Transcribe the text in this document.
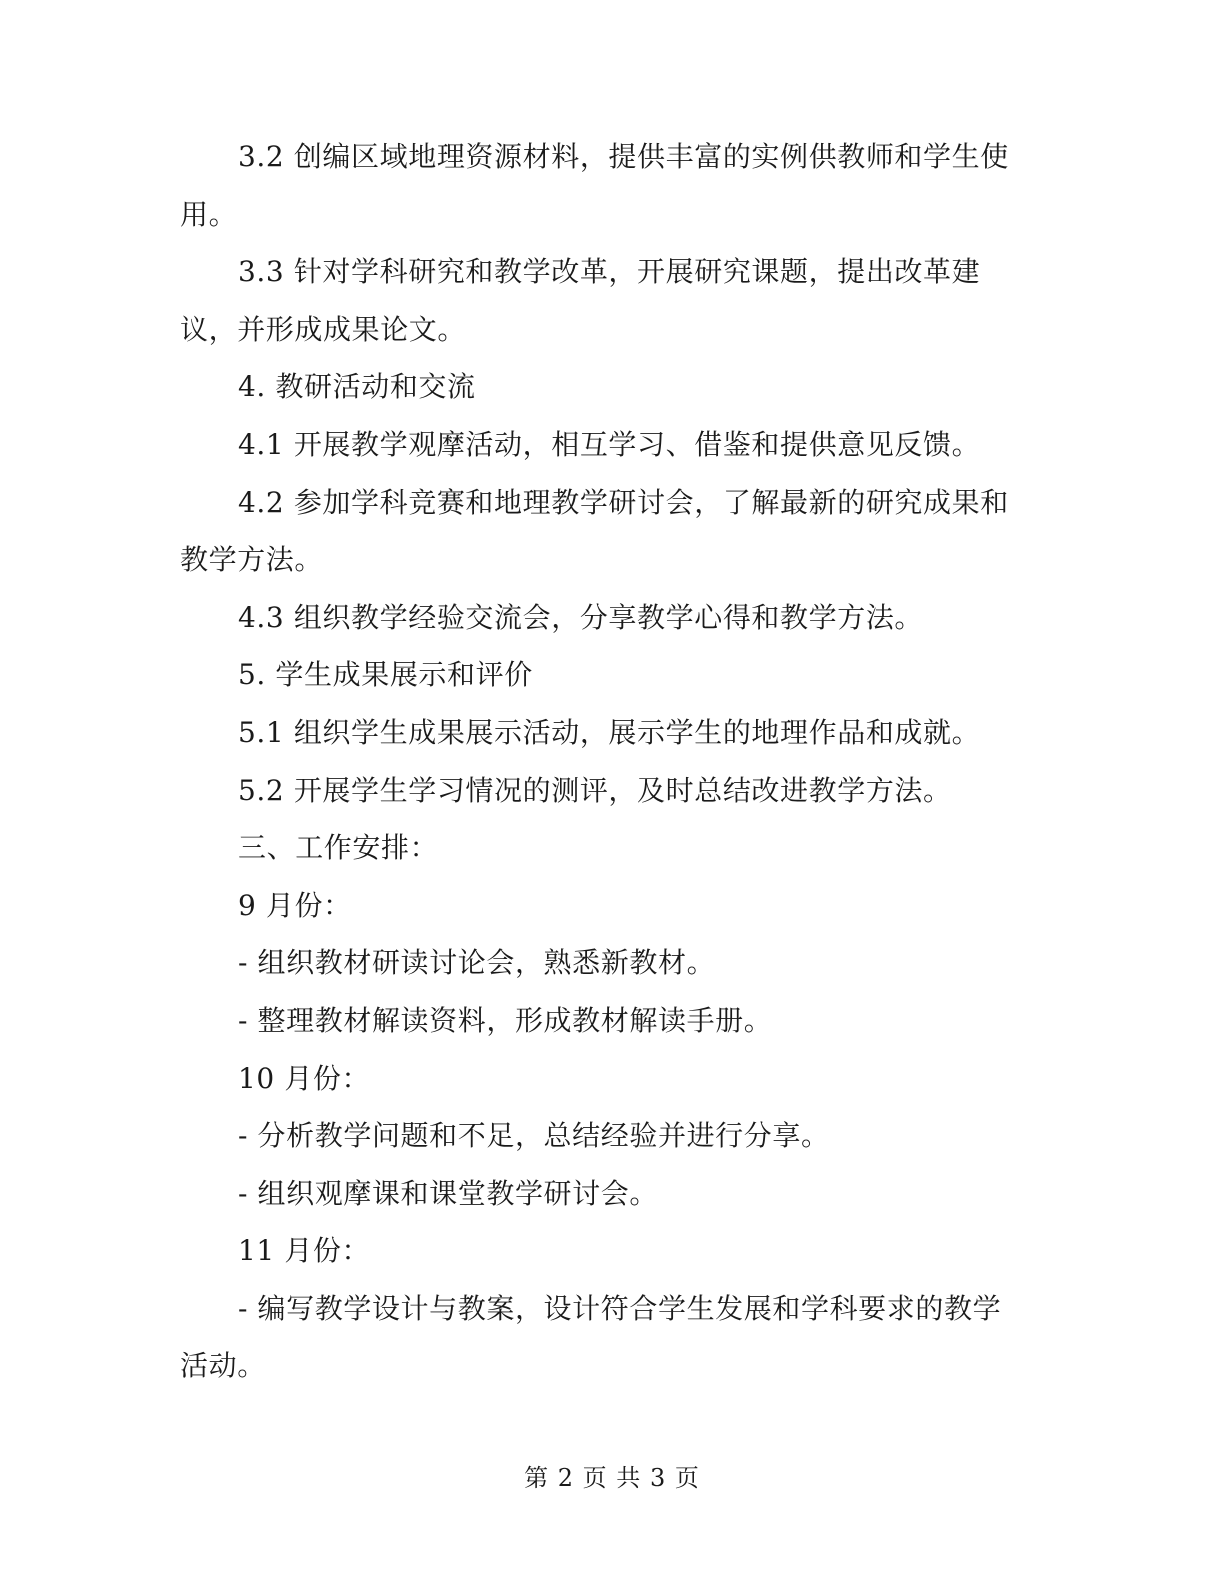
3.2 创编区域地理资源材料，提供丰富的实例供教师和学生使用。

3.3 针对学科研究和教学改革，开展研究课题，提出改革建议，并形成成果论文。

4. 教研活动和交流

4.1 开展教学观摩活动，相互学习、借鉴和提供意见反馈。

4.2 参加学科竞赛和地理教学研讨会，了解最新的研究成果和教学方法。

4.3 组织教学经验交流会，分享教学心得和教学方法。

5. 学生成果展示和评价

5.1 组织学生成果展示活动，展示学生的地理作品和成就。

5.2 开展学生学习情况的测评，及时总结改进教学方法。

三、工作安排：

9 月份：

- 组织教材研读讨论会，熟悉新教材。

- 整理教材解读资料，形成教材解读手册。

10 月份：

- 分析教学问题和不足，总结经验并进行分享。

- 组织观摩课和课堂教学研讨会。

11 月份：

- 编写教学设计与教案，设计符合学生发展和学科要求的教学活动。

第 2 页 共 3 页
